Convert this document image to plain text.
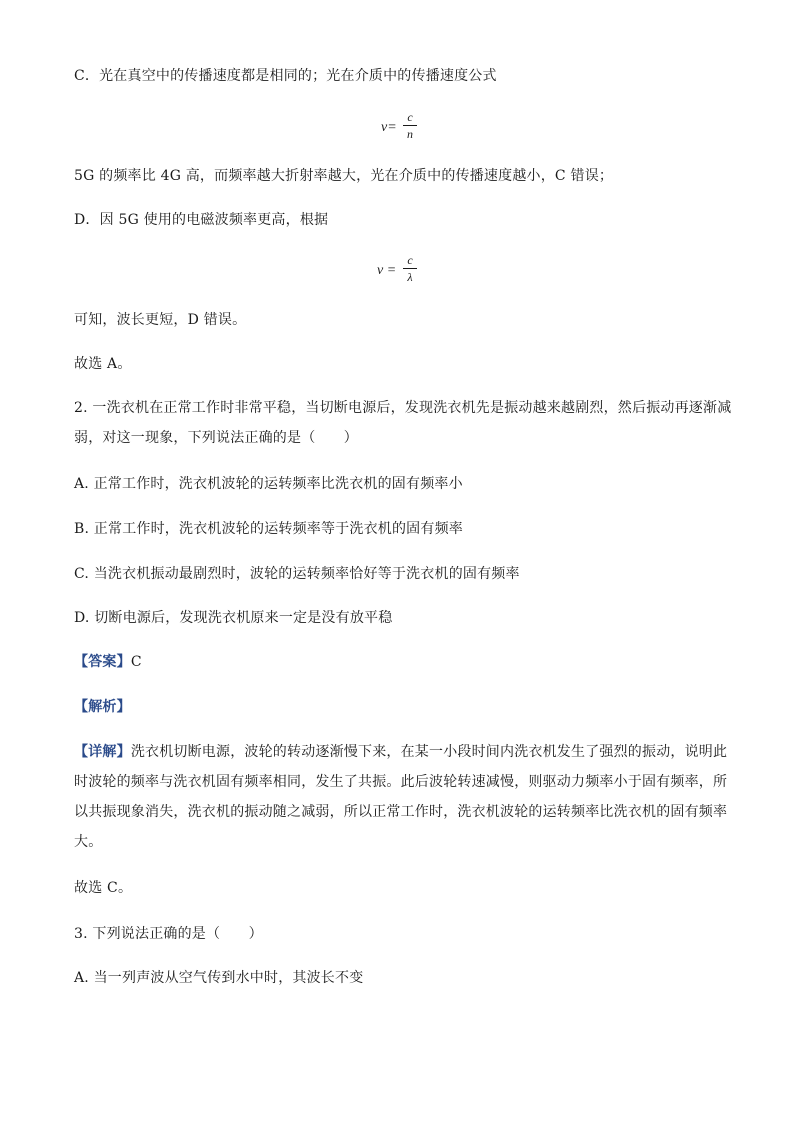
C．光在真空中的传播速度都是相同的；光在介质中的传播速度公式
v=
c
n
5G 的频率比 4G 高，而频率越大折射率越大，光在介质中的传播速度越小，C 错误；
D．因 5G 使用的电磁波频率更高，根据
v =
c
λ
可知，波长更短，D 错误。
故选 A。
2. 一洗衣机在正常工作时非常平稳，当切断电源后，发现洗衣机先是振动越来越剧烈，然后振动再逐渐减
弱，对这一现象，下列说法正确的是（　　）
A. 正常工作时，洗衣机波轮的运转频率比洗衣机的固有频率小
B. 正常工作时，洗衣机波轮的运转频率等于洗衣机的固有频率
C. 当洗衣机振动最剧烈时，波轮的运转频率恰好等于洗衣机的固有频率
D. 切断电源后，发现洗衣机原来一定是没有放平稳
【答案】C
【解析】
【详解】洗衣机切断电源，波轮的转动逐渐慢下来，在某一小段时间内洗衣机发生了强烈的振动，说明此
时波轮的频率与洗衣机固有频率相同，发生了共振。此后波轮转速减慢，则驱动力频率小于固有频率，所
以共振现象消失，洗衣机的振动随之减弱，所以正常工作时，洗衣机波轮的运转频率比洗衣机的固有频率
大。
故选 C。
3. 下列说法正确的是（　　）
A. 当一列声波从空气传到水中时，其波长不变
